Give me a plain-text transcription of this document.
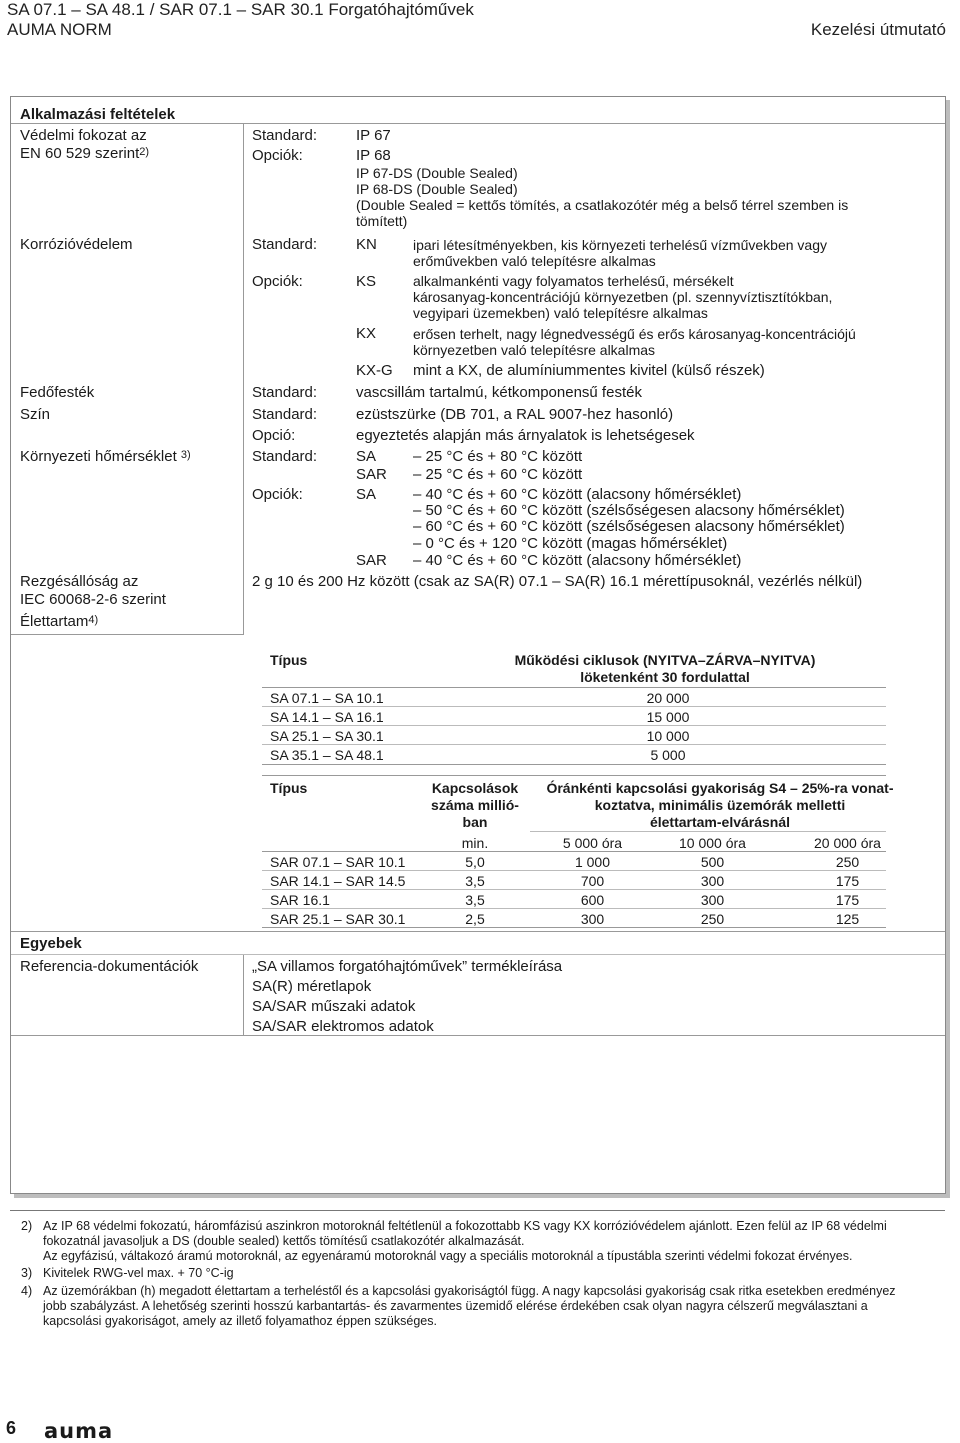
SA 07.1 – SA 48.1 / SAR 07.1 – SAR 30.1 Forgatóhajtóművek
AUMA NORM	Kezelési útmutató
Alkalmazási feltételek
Védelmi fokozat az
EN 60 529 szerint$^{2)}$
Standard:	IP 67
Opciók:	IP 68
IP 67-DS (Double Sealed)
IP 68-DS (Double Sealed)
(Double Sealed = kettős tömítés, a csatlakozótér még a belső térrel szemben is
tömített)
Korrózióvédelem	Standard:	KN	ipari létesítményekben, kis környezeti terhelésű vízművekben vagy
erőművekben való telepítésre alkalmas
Opciók:	KS	alkalmankénti vagy folyamatos terhelésű, mérsékelt
károsanyag-koncentrációjú környezetben (pl. szennyvíztisztítókban,
vegyipari üzemekben) való telepítésre alkalmas
KX	erősen terhelt, nagy légnedvességű és erős károsanyag-koncentrációjú
környezetben való telepítésre alkalmas
KX-G mint a KX, de alumíniummentes kivitel (külső részek)
Fedőfesték	Standard:	vascsillám tartalmú, kétkomponensű festék
Szín	Standard:	ezüstszürke (DB 701, a RAL 9007-hez hasonló)
Opció:	egyeztetés alapján más árnyalatok is lehetségesek
Környezeti hőmérséklet $^{3)}$	Standard:	SA – 25 °C és + 80 °C között
SAR – 25 °C és + 60 °C között
Opciók:	SA – 40 °C és + 60 °C között (alacsony hőmérséklet)
– 50 °C és + 60 °C között (szélsőségesen alacsony hőmérséklet)
– 60 °C és + 60 °C között (szélsőségesen alacsony hőmérséklet)
– 0 °C és + 120 °C között (magas hőmérséklet)
SAR – 40 °C és + 60 °C között (alacsony hőmérséklet)
Rezgésállóság az
IEC 60068-2-6 szerint
2 g 10 és 200 Hz között (csak az SA(R) 07.1 – SA(R) 16.1 mérettípusoknál, vezérlés nélkül)
Élettartam$^{4)}$
Típus	Működési ciklusok (NYITVA–ZÁRVA–NYITVA)
löketenként 30 fordulattal
SA 07.1 – SA 10.1	20 000
SA 14.1 – SA 16.1	15 000
SA 25.1 – SA 30.1	10 000
SA 35.1 – SA 48.1	5 000
Típus	Kapcsolások
száma millió-
ban
Óránkénti kapcsolási gyakoriság S4 – 25%-ra vonat-
koztatva, minimális üzemórák melletti
élettartam-elvárásnál
min.	5 000 óra	10 000 óra	20 000 óra
SAR 07.1 – SAR 10.1	5,0	1 000	500	250
SAR 14.1 – SAR 14.5	3,5	700	300	175
SAR 16.1	3,5	600	300	175
SAR 25.1 – SAR 30.1	2,5	300	250	125
Egyebek
Referencia-dokumentációk	„SA villamos forgatóhajtóművek” termékleírása
SA(R) méretlapok
SA/SAR műszaki adatok
SA/SAR elektromos adatok
2) Az IP 68 védelmi fokozatú, háromfázisú aszinkron motoroknál feltétlenül a fokozottabb KS vagy KX korrózióvédelem ajánlott. Ezen felül az IP 68 védelmi
fokozatnál javasoljuk a DS (double sealed) kettős tömítésű csatlakozótér alkalmazását.
Az egyfázisú, váltakozó áramú motoroknál, az egyenáramú motoroknál vagy a speciális motoroknál a típustábla szerinti védelmi fokozat érvényes.
3) Kivitelek RWG-vel max. + 70 °C-ig
4) Az üzemórákban (h) megadott élettartam a terheléstől és a kapcsolási gyakoriságtól függ. A nagy kapcsolási gyakoriság csak ritka esetekben eredményez
jobb szabályzást. A lehetőség szerinti hosszú karbantartás- és zavarmentes üzemidő elérése érdekében csak olyan nagyra célszerű megválasztani a
kapcsolási gyakoriságot, amely az illető folyamathoz éppen szükséges.
6 auma
